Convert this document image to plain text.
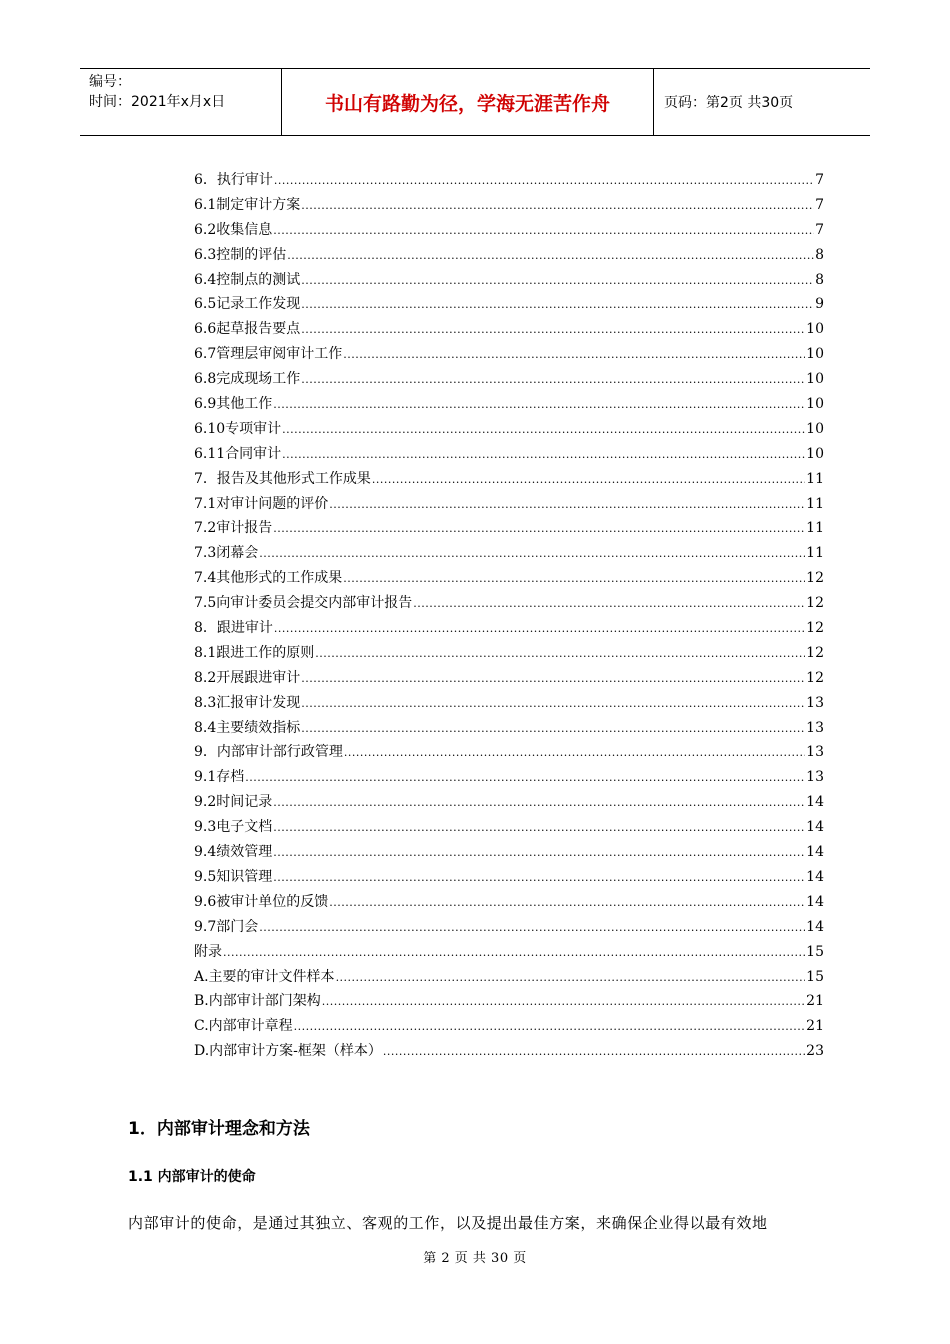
编号：
时间：2021年x月x日	书山有路勤为径，学海无涯苦作舟	页码：第2页 共30页
6．执行审计 .....	7
6.1制定审计方案 .....	7
6.2收集信息 .....	7
6.3控制的评估 .....	8
6.4控制点的测试 .....	8
6.5记录工作发现 .....	9
6.6起草报告要点 .....	10
6.7管理层审阅审计工作 .....	10
6.8完成现场工作 .....	10
6.9其他工作 .....	10
6.10专项审计 .....	10
6.11合同审计 .....	10
7．报告及其他形式工作成果 .....	11
7.1对审计问题的评价 .....	11
7.2审计报告 .....	11
7.3闭幕会 .....	11
7.4其他形式的工作成果 .....	12
7.5向审计委员会提交内部审计报告 .....	12
8．跟进审计 .....	12
8.1跟进工作的原则 .....	12
8.2开展跟进审计 .....	12
8.3汇报审计发现 .....	13
8.4主要绩效指标 .....	13
9．内部审计部行政管理 .....	13
9.1存档 .....	13
9.2时间记录 .....	14
9.3电子文档 .....	14
9.4绩效管理 .....	14
9.5知识管理 .....	14
9.6被审计单位的反馈 .....	14
9.7部门会 .....	14
附录 .....	15
A.主要的审计文件样本 .....	15
B.内部审计部门架构 .....	21
C.内部审计章程 .....	21
D.内部审计方案-框架（样本） .....	23
1．内部审计理念和方法
1.1 内部审计的使命
内部审计的使命，是通过其独立、客观的工作，以及提出最佳方案，来确保企业得以最有效地
第 2 页 共 30 页
